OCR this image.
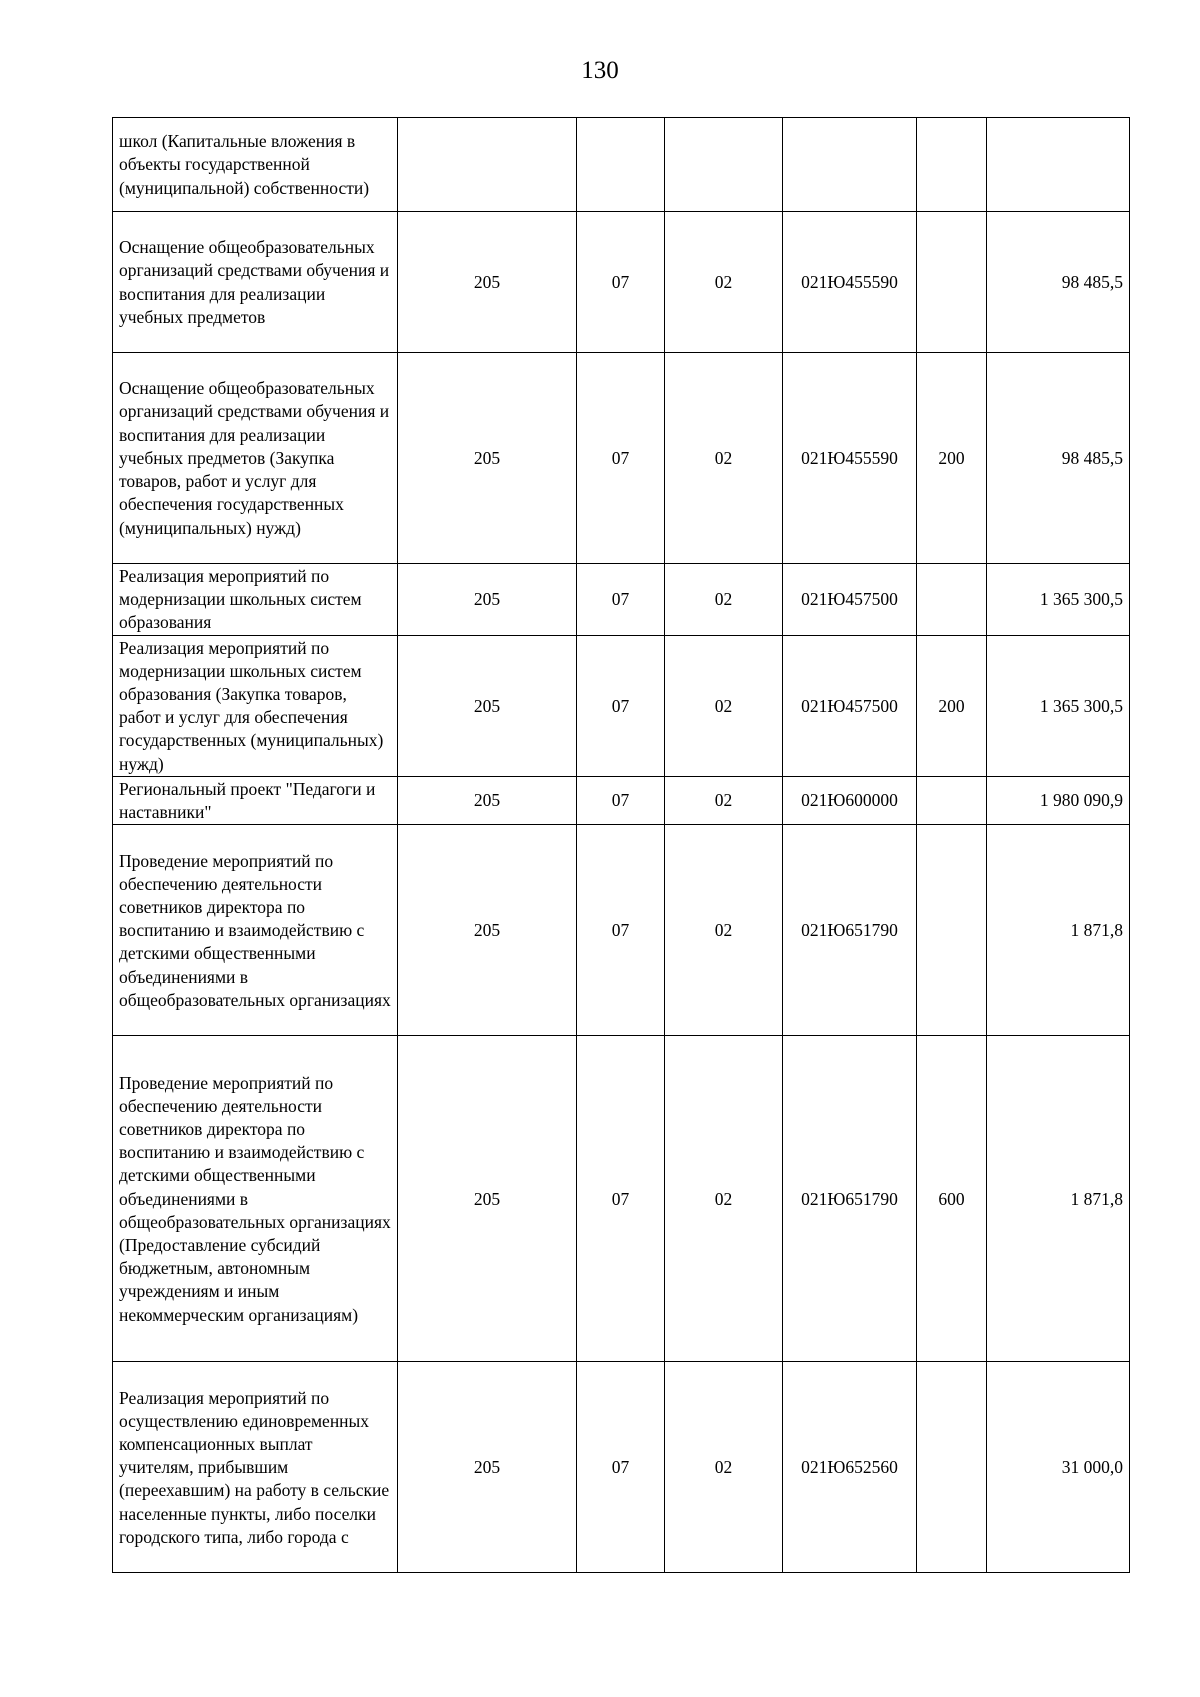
130
школ (Капитальные вложения в объекты государственной (муниципальной) собственности)						
Оснащение общеобразовательных организаций средствами обучения и воспитания для реализации учебных предметов	205	07	02	021Ю455590		98 485,5
Оснащение общеобразовательных организаций средствами обучения и воспитания для реализации учебных предметов (Закупка товаров, работ и услуг для обеспечения государственных (муниципальных) нужд)	205	07	02	021Ю455590	200	98 485,5
Реализация мероприятий по модернизации школьных систем образования	205	07	02	021Ю457500		1 365 300,5
Реализация мероприятий по модернизации школьных систем образования (Закупка товаров, работ и услуг для обеспечения государственных (муниципальных) нужд)	205	07	02	021Ю457500	200	1 365 300,5
Региональный проект "Педагоги и наставники"	205	07	02	021Ю600000		1 980 090,9
Проведение мероприятий по обеспечению деятельности советников директора по воспитанию и взаимодействию с детскими общественными объединениями в общеобразовательных организациях	205	07	02	021Ю651790		1 871,8
Проведение мероприятий по обеспечению деятельности советников директора по воспитанию и взаимодействию с детскими общественными объединениями в общеобразовательных организациях (Предоставление субсидий бюджетным, автономным учреждениям и иным некоммерческим организациям)	205	07	02	021Ю651790	600	1 871,8
Реализация мероприятий по осуществлению единовременных компенсационных выплат учителям, прибывшим (переехавшим) на работу в сельские населенные пункты, либо поселки городского типа, либо города с	205	07	02	021Ю652560		31 000,0
